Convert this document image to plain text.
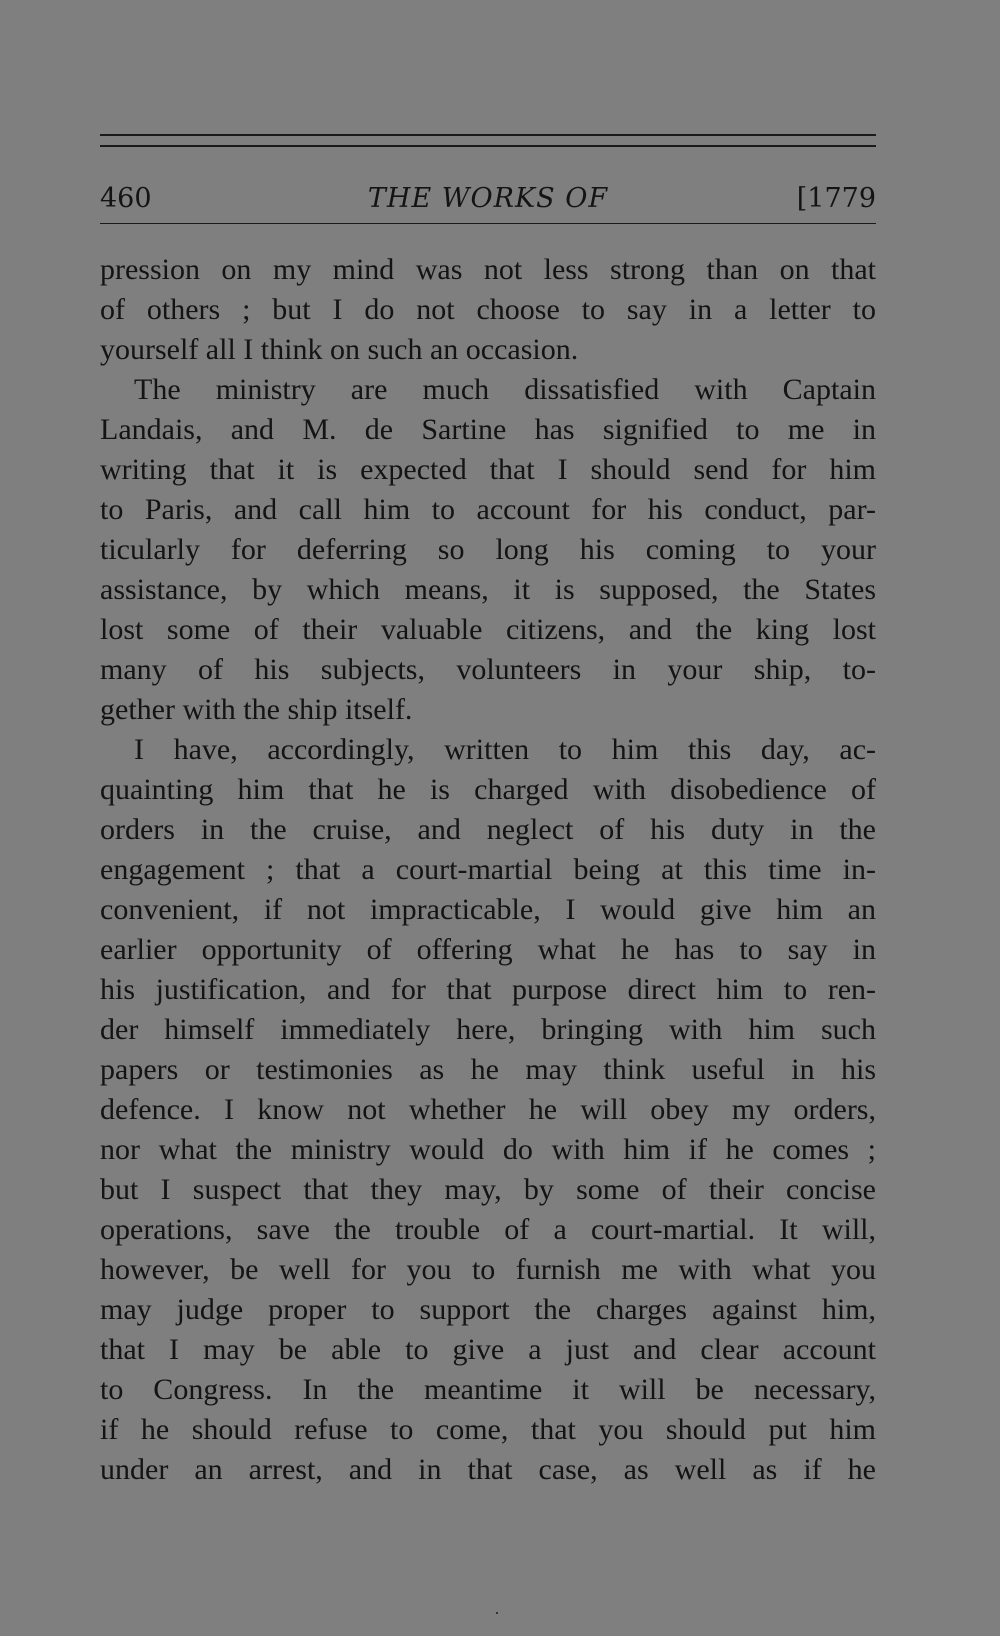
460	THE WORKS OF	[1779
pression on my mind was not less strong than on that
of others ; but I do not choose to say in a letter to
yourself all I think on such an occasion.
The ministry are much dissatisfied with Captain
Landais, and M. de Sartine has signified to me in
writing that it is expected that I should send for him
to Paris, and call him to account for his conduct, par-
ticularly for deferring so long his coming to your
assistance, by which means, it is supposed, the States
lost some of their valuable citizens, and the king lost
many of his subjects, volunteers in your ship, to-
gether with the ship itself.
I have, accordingly, written to him this day, ac-
quainting him that he is charged with disobedience of
orders in the cruise, and neglect of his duty in the
engagement ; that a court-martial being at this time in-
convenient, if not impracticable, I would give him an
earlier opportunity of offering what he has to say in
his justification, and for that purpose direct him to ren-
der himself immediately here, bringing with him such
papers or testimonies as he may think useful in his
defence. I know not whether he will obey my orders,
nor what the ministry would do with him if he comes ;
but I suspect that they may, by some of their concise
operations, save the trouble of a court-martial. It will,
however, be well for you to furnish me with what you
may judge proper to support the charges against him,
that I may be able to give a just and clear account
to Congress. In the meantime it will be necessary,
if he should refuse to come, that you should put him
under an arrest, and in that case, as well as if he
